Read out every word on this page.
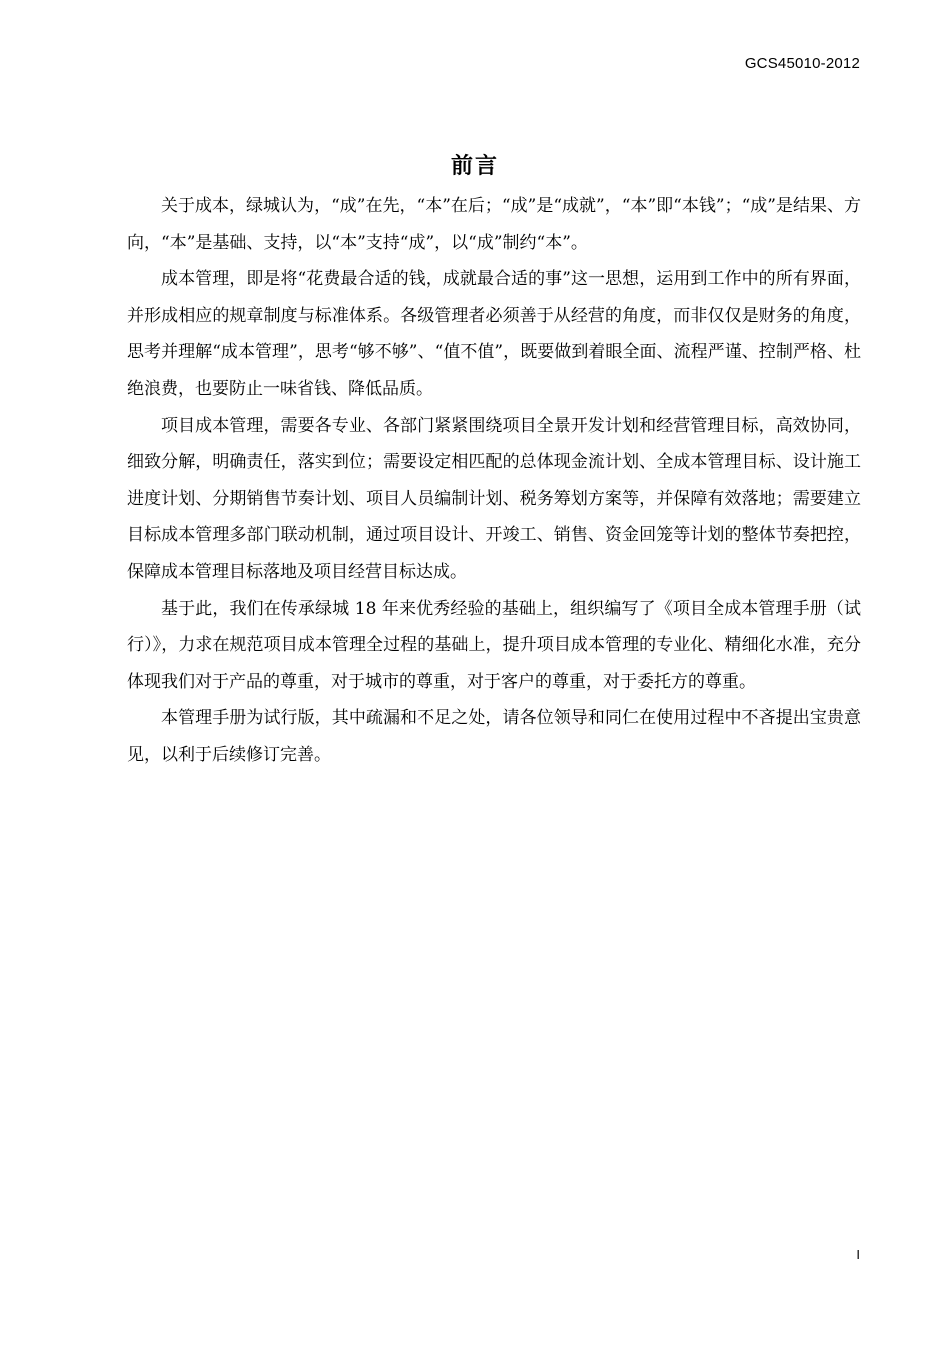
GCS45010-2012
前言

关于成本，绿城认为，“成”在先，“本”在后；“成”是“成就”，“本”即“本钱”；“成”是结果、方向，“本”是基础、支持，以“本”支持“成”，以“成”制约“本”。

成本管理，即是将“花费最合适的钱，成就最合适的事”这一思想，运用到工作中的所有界面，并形成相应的规章制度与标准体系。各级管理者必须善于从经营的角度，而非仅仅是财务的角度，思考并理解“成本管理”，思考“够不够”、“值不值”，既要做到着眼全面、流程严谨、控制严格、杜绝浪费，也要防止一味省钱、降低品质。

项目成本管理，需要各专业、各部门紧紧围绕项目全景开发计划和经营管理目标，高效协同，细致分解，明确责任，落实到位；需要设定相匹配的总体现金流计划、全成本管理目标、设计施工进度计划、分期销售节奏计划、项目人员编制计划、税务筹划方案等，并保障有效落地；需要建立目标成本管理多部门联动机制，通过项目设计、开竣工、销售、资金回笼等计划的整体节奏把控，保障成本管理目标落地及项目经营目标达成。

基于此，我们在传承绿城 18 年来优秀经验的基础上，组织编写了《项目全成本管理手册（试行）》，力求在规范项目成本管理全过程的基础上，提升项目成本管理的专业化、精细化水准，充分体现我们对于产品的尊重，对于城市的尊重，对于客户的尊重，对于委托方的尊重。

本管理手册为试行版，其中疏漏和不足之处，请各位领导和同仁在使用过程中不吝提出宝贵意见，以利于后续修订完善。

I
